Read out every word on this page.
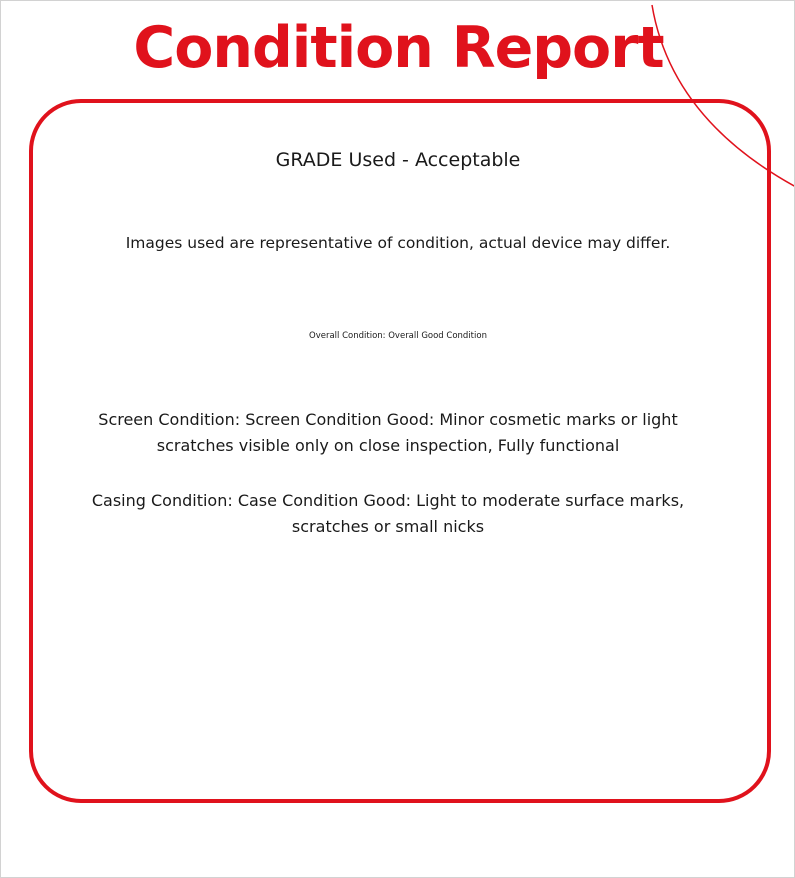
Condition Report

GRADE Used - Acceptable

Images used are representative of condition, actual device may differ.

Overall Condition: Overall Good Condition

Screen Condition: Screen Condition Good: Minor cosmetic marks or light scratches visible only on close inspection, Fully functional

Casing Condition: Case Condition Good: Light to moderate surface marks, scratches or small nicks
